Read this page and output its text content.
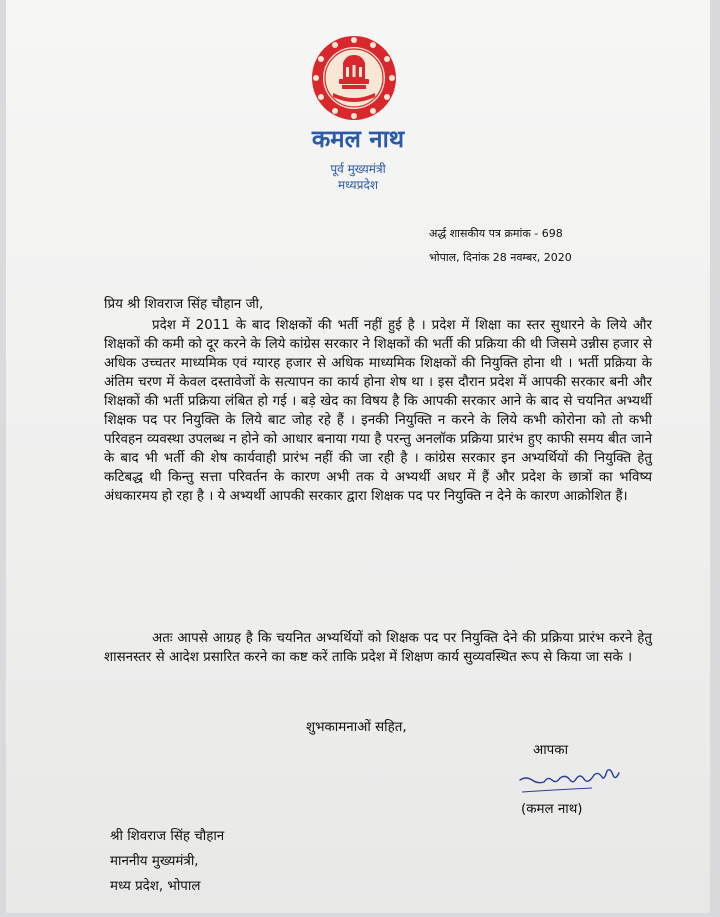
कमल नाथ
पूर्व मुख्यमंत्री
मध्यप्रदेश
अर्द्ध शासकीय पत्र क्रमांक - 698
भोपाल, दिनांक 28 नवम्बर, 2020
प्रिय श्री शिवराज सिंह चौहान जी,
प्रदेश में 2011 के बाद शिक्षकों की भर्ती नहीं हुई है । प्रदेश में शिक्षा का स्तर सुधारने के लिये और शिक्षकों की कमी को दूर करने के लिये कांग्रेस सरकार ने शिक्षकों की भर्ती की प्रक्रिया की थी जिसमे उन्नीस हजार से अधिक उच्चतर माध्यमिक एवं ग्यारह हजार से अधिक माध्यमिक शिक्षकों की नियुक्ति होना थी । भर्ती प्रक्रिया के अंतिम चरण में केवल दस्तावेजों के सत्यापन का कार्य होना शेष था । इस दौरान प्रदेश में आपकी सरकार बनी और शिक्षकों की भर्ती प्रक्रिया लंबित हो गई । बड़े खेद का विषय है कि आपकी सरकार आने के बाद से चयनित अभ्यर्थी शिक्षक पद पर नियुक्ति के लिये बाट जोह रहे हैं । इनकी नियुक्ति न करने के लिये कभी कोरोना को तो कभी परिवहन व्यवस्था उपलब्ध न होने को आधार बनाया गया है परन्तु अनलॉक प्रक्रिया प्रारंभ हुए काफी समय बीत जाने के बाद भी भर्ती की शेष कार्यवाही प्रारंभ नहीं की जा रही है । कांग्रेस सरकार इन अभ्यर्थियों की नियुक्ति हेतु कटिबद्ध थी किन्तु सत्ता परिवर्तन के कारण अभी तक ये अभ्यर्थी अधर में हैं और प्रदेश के छात्रों का भविष्य अंधकारमय हो रहा है । ये अभ्यर्थी आपकी सरकार द्वारा शिक्षक पद पर नियुक्ति न देने के कारण आक्रोशित हैं।
अतः आपसे आग्रह है कि चयनित अभ्यर्थियों को शिक्षक पद पर नियुक्ति देने की प्रक्रिया प्रारंभ करने हेतु शासनस्तर से आदेश प्रसारित करने का कष्ट करें ताकि प्रदेश में शिक्षण कार्य सुव्यवस्थित रूप से किया जा सके ।
शुभकामनाओं सहित,
आपका
(कमल नाथ)
श्री शिवराज सिंह चौहान
माननीय मुख्यमंत्री,
मध्य प्रदेश, भोपाल
